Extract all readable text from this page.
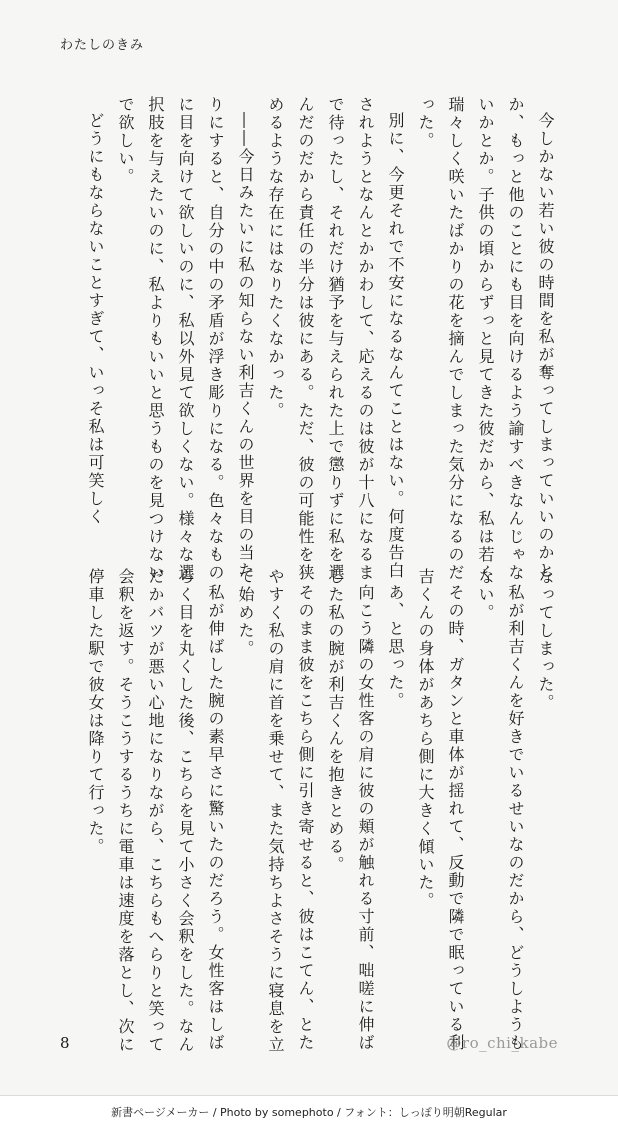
わたしのきみ

今しかない若い彼の時間を私が奪ってしまっていいのかとか、もっと他のことにも目を向けるよう諭すべきなんじゃないかとか。子供の頃からずっと見てきた彼だから、私は若く瑞々しく咲いたばかりの花を摘んでしまった気分になるのだった。

別に、今更それで不安になるなんてことはない。何度告白されようとなんとかかわして、応えるのは彼が十八になるまで待ったし、それだけ猶予を与えられた上で懲りずに私を選んだのだから責任の半分は彼にある。ただ、彼の可能性を狭めるような存在にはなりたくなかった。

――今日みたいに私の知らない利吉くんの世界を目の当たりにすると、自分の中の矛盾が浮き彫りになる。色々なものに目を向けて欲しいのに、私以外見て欲しくない。様々な選択肢を与えたいのに、私よりもいいと思うものを見つけないで欲しい。

どうにもならないことすぎて、いっそ私は可笑しく

なってしまった。

私が利吉くんを好きでいるせいなのだから、どうしようもない。

その時、ガタンと車体が揺れて、反動で隣で眠っている利吉くんの身体があちら側に大きく傾いた。

あ、と思った。

向こう隣の女性客の肩に彼の頬が触れる寸前、咄嗟に伸ばした私の腕が利吉くんを抱きとめる。

そのまま彼をこちら側に引き寄せると、彼はこてん、とたやすく私の肩に首を乗せて、また気持ちよさそうに寝息を立て始めた。

私が伸ばした腕の素早さに驚いたのだろう。女性客はしばらく目を丸くした後、こちらを見て小さく会釈をした。なんだかバツが悪い心地になりながら、こちらもへらりと笑って会釈を返す。そうこうするうちに電車は速度を落とし、次に停車した駅で彼女は降りて行った。

8	@ro_chi_kabe
新書ページメーカー / Photo by somephoto / フォント：しっぽり明朝Regular
